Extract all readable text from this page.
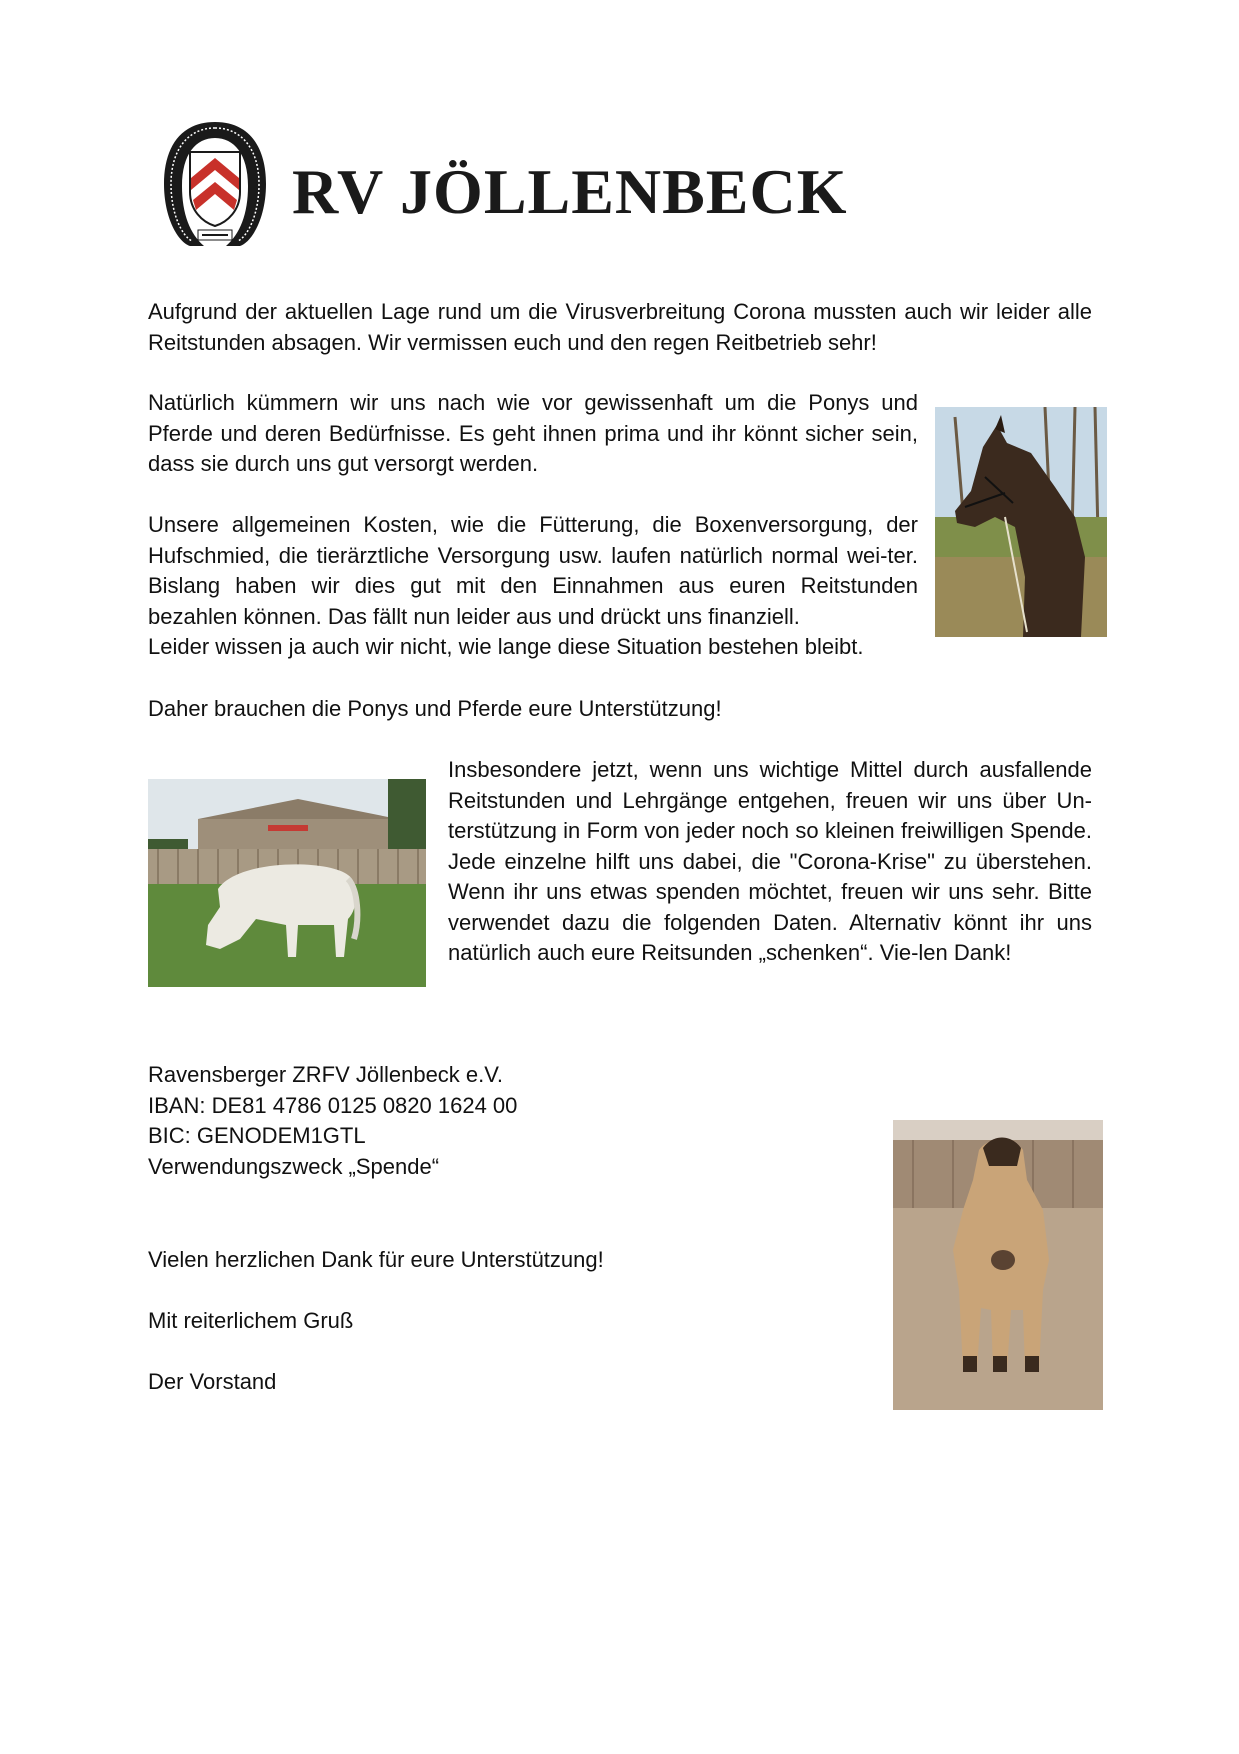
RV JÖLLENBECK

Aufgrund der aktuellen Lage rund um die Virusverbreitung Corona mussten auch wir leider alle Reitstunden absagen. Wir vermissen euch und den regen Reitbetrieb sehr!

Natürlich kümmern wir uns nach wie vor gewissenhaft um die Ponys und Pferde und deren Bedürfnisse. Es geht ihnen prima und ihr könnt sicher sein, dass sie durch uns gut versorgt werden.

Unsere allgemeinen Kosten, wie die Fütterung, die Boxenversorgung, der Hufschmied, die tierärztliche Versorgung usw. laufen natürlich normal wei-ter. Bislang haben wir dies gut mit den Einnahmen aus euren Reitstunden bezahlen können. Das fällt nun leider aus und drückt uns finanziell.

Leider wissen ja auch wir nicht, wie lange diese Situation bestehen bleibt.

Daher brauchen die Ponys und Pferde eure Unterstützung!

Insbesondere jetzt, wenn uns wichtige Mittel durch ausfallende Reitstunden und Lehrgänge entgehen, freuen wir uns über Un-terstützung in Form von jeder noch so kleinen freiwilligen Spende. Jede einzelne hilft uns dabei, die "Corona-Krise" zu überstehen. Wenn ihr uns etwas spenden möchtet, freuen wir uns sehr. Bitte verwendet dazu die folgenden Daten. Alternativ könnt ihr uns natürlich auch eure Reitsunden „schenken“. Vie-len Dank!

Ravensberger ZRFV Jöllenbeck e.V.
IBAN: DE81 4786 0125 0820 1624 00
BIC: GENODEM1GTL
Verwendungszweck „Spende“

Vielen herzlichen Dank für eure Unterstützung!

Mit reiterlichem Gruß

Der Vorstand
